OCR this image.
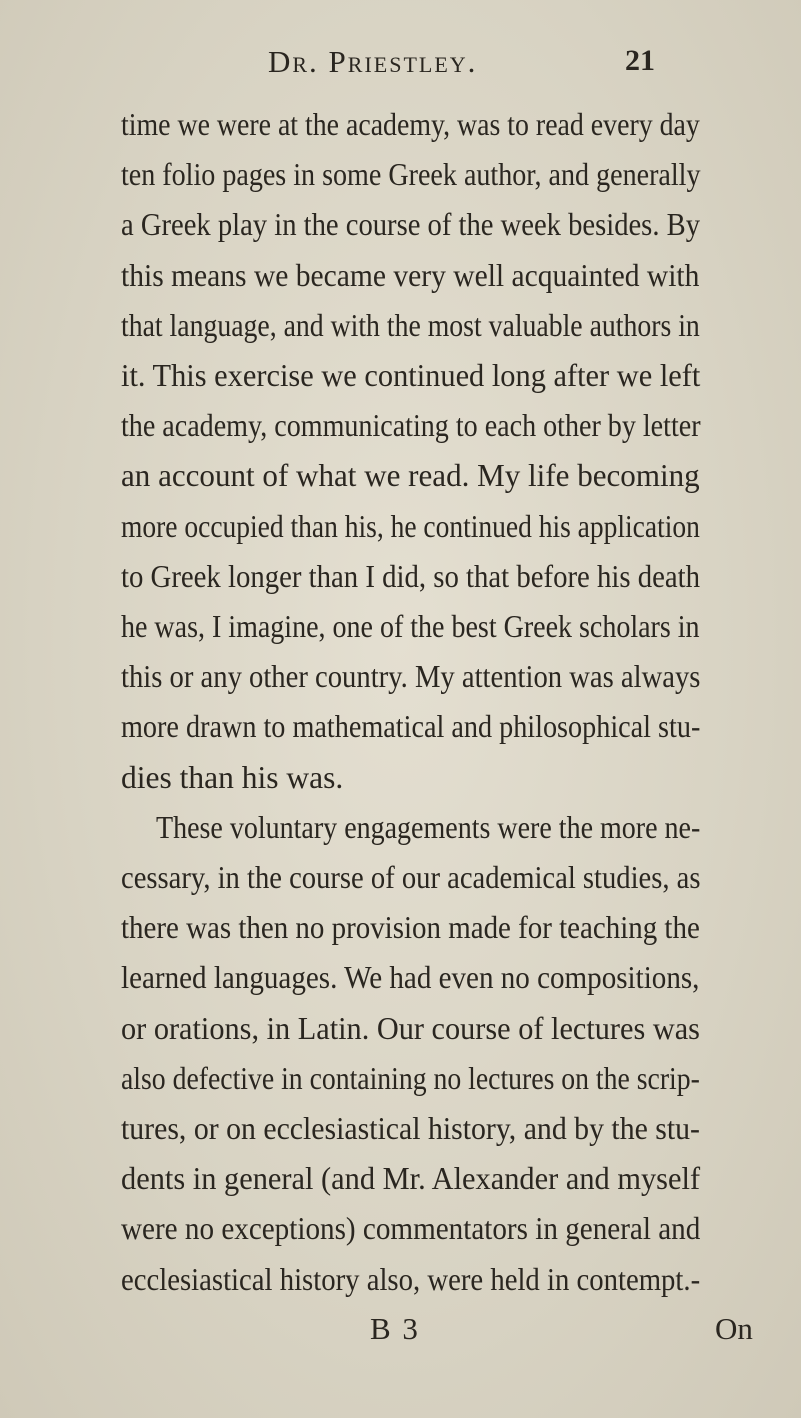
Dr. Priestley.	21
time we were at the academy, was to read every day
ten folio pages in some Greek author, and generally
a Greek play in the course of the week besides. By
this means we became very well acquainted with
that language, and with the most valuable authors in
it. This exercise we continued long after we left
the academy, communicating to each other by letter
an account of what we read. My life becoming
more occupied than his, he continued his application
to Greek longer than I did, so that before his death
he was, I imagine, one of the best Greek scholars in
this or any other country. My attention was always
more drawn to mathematical and philosophical stu-
dies than his was.
These voluntary engagements were the more ne-
cessary, in the course of our academical studies, as
there was then no provision made for teaching the
learned languages. We had even no compositions,
or orations, in Latin. Our course of lectures was
also defective in containing no lectures on the scrip-
tures, or on ecclesiastical history, and by the stu-
dents in general (and Mr. Alexander and myself
were no exceptions) commentators in general and
ecclesiastical history also, were held in contempt.-
B 3	On
